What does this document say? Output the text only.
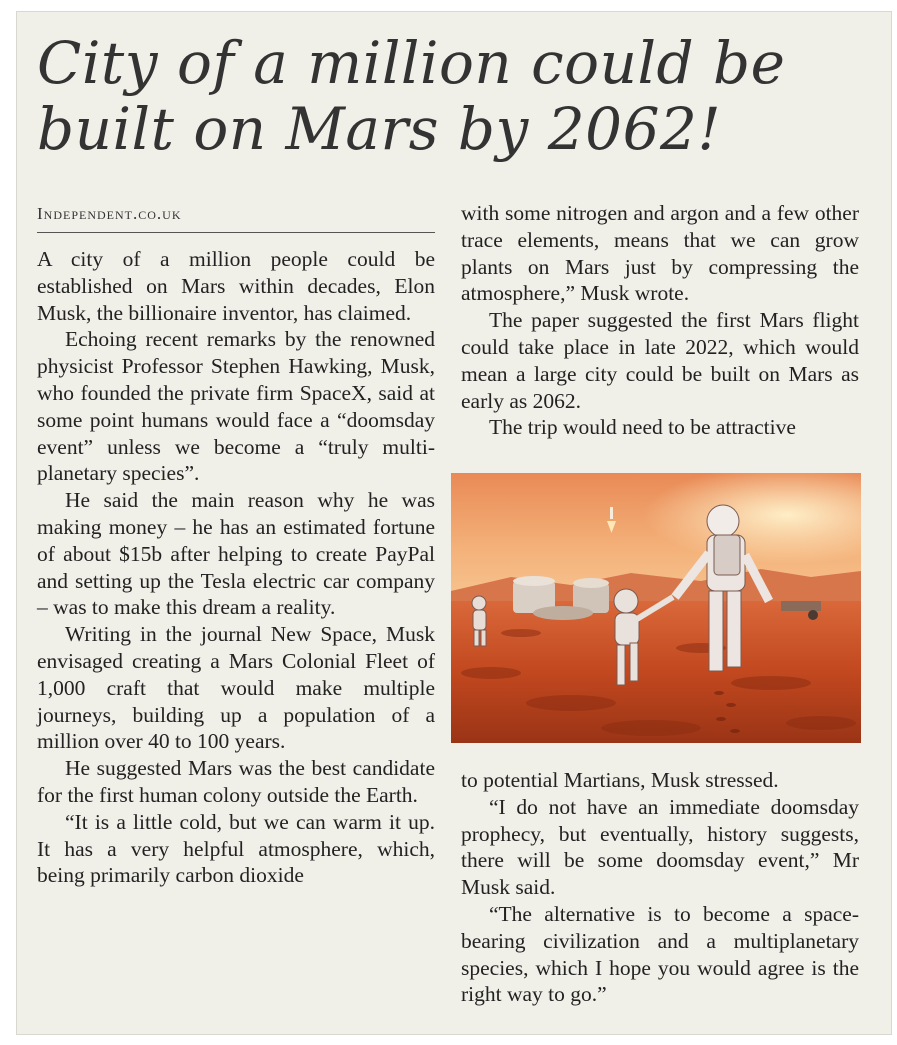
City of a million could be
built on Mars by 2062!
Independent.co.uk

A city of a million people could be established on Mars within decades, Elon Musk, the billionaire inventor, has claimed.

Echoing recent remarks by the renowned physicist Professor Stephen Hawking, Musk, who founded the private firm SpaceX, said at some point humans would face a “doomsday event” unless we become a “truly multiplanetary species”.

He said the main reason why he was making money – he has an estimated fortune of about $15b after helping to create PayPal and setting up the Tesla electric car company – was to make this dream a reality.

Writing in the journal New Space, Musk envisaged creating a Mars Colonial Fleet of 1,000 craft that would make multiple journeys, building up a population of a million over 40 to 100 years.

He suggested Mars was the best candidate for the first human colony outside the Earth.

“It is a little cold, but we can warm it up. It has a very helpful atmosphere, which, being primarily carbon dioxide

with some nitrogen and argon and a few other trace elements, means that we can grow plants on Mars just by compressing the atmosphere,” Musk wrote.

The paper suggested the first Mars flight could take place in late 2022, which would mean a large city could be built on Mars as early as 2062.

The trip would need to be attractive

to potential Martians, Musk stressed.

“I do not have an immediate doomsday prophecy, but eventually, history suggests, there will be some doomsday event,” Mr Musk said.

“The alternative is to become a space-bearing civilization and a multiplanetary species, which I hope you would agree is the right way to go.”
